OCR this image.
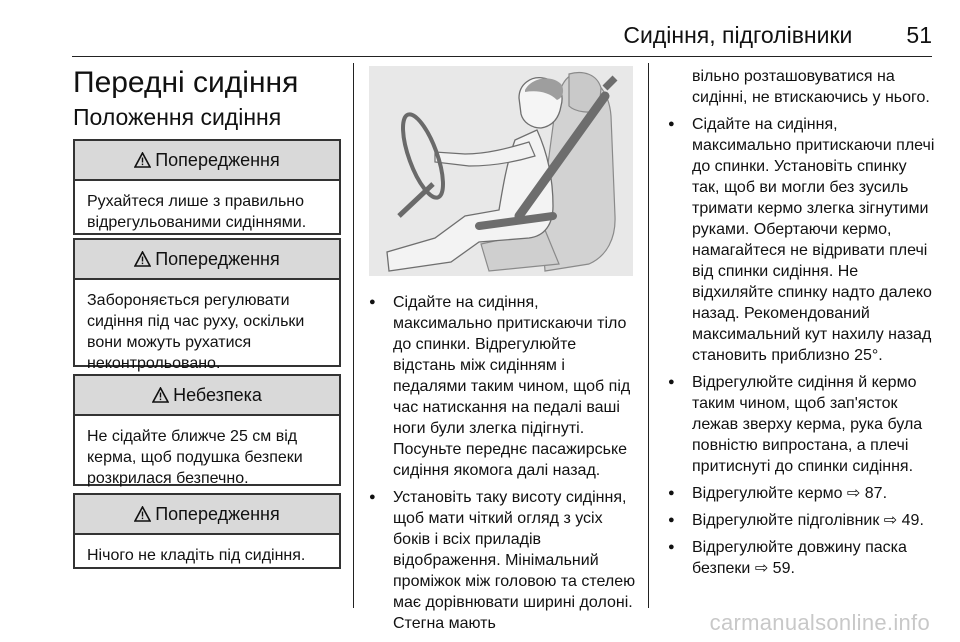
Сидіння, підголівники 51
Передні сидіння
Положення сидіння
Попередження
Рухайтеся лише з правильно відрегульованими сидіннями.
Попередження
Забороняється регулювати сидіння під час руху, оскільки вони можуть рухатися неконтрольовано.
Небезпека
Не сідайте ближче 25 см від керма, щоб подушка безпеки розкрилася безпечно.
Попередження
Нічого не кладіть під сидіння.
● Сідайте на сидіння, максимально притискаючи тіло до спинки. Відрегулюйте відстань між сидінням і педалями таким чином, щоб під час натискання на педалі ваші ноги були злегка підігнуті. Посуньте переднє пасажирське сидіння якомога далі назад.
● Установіть таку висоту сидіння, щоб мати чіткий огляд з усіх боків і всіх приладів відображення. Мінімальний проміжок між головою та стелею має дорівнювати ширині долоні. Стегна мають
вільно розташовуватися на сидінні, не втискаючись у нього.
● Сідайте на сидіння, максимально притискаючи плечі до спинки. Установіть спинку так, щоб ви могли без зусиль тримати кермо злегка зігнутими руками. Обертаючи кермо, намагайтеся не відривати плечі від спинки сидіння. Не відхиляйте спинку надто далеко назад. Рекомендований максимальний кут нахилу назад становить приблизно 25°.
● Відрегулюйте сидіння й кермо таким чином, щоб зап'ясток лежав зверху керма, рука була повністю випростана, а плечі притиснуті до спинки сидіння.
● Відрегулюйте кермо ⇨ 87.
● Відрегулюйте підголівник ⇨ 49.
● Відрегулюйте довжину паска безпеки ⇨ 59.
carmanualsonline.info
